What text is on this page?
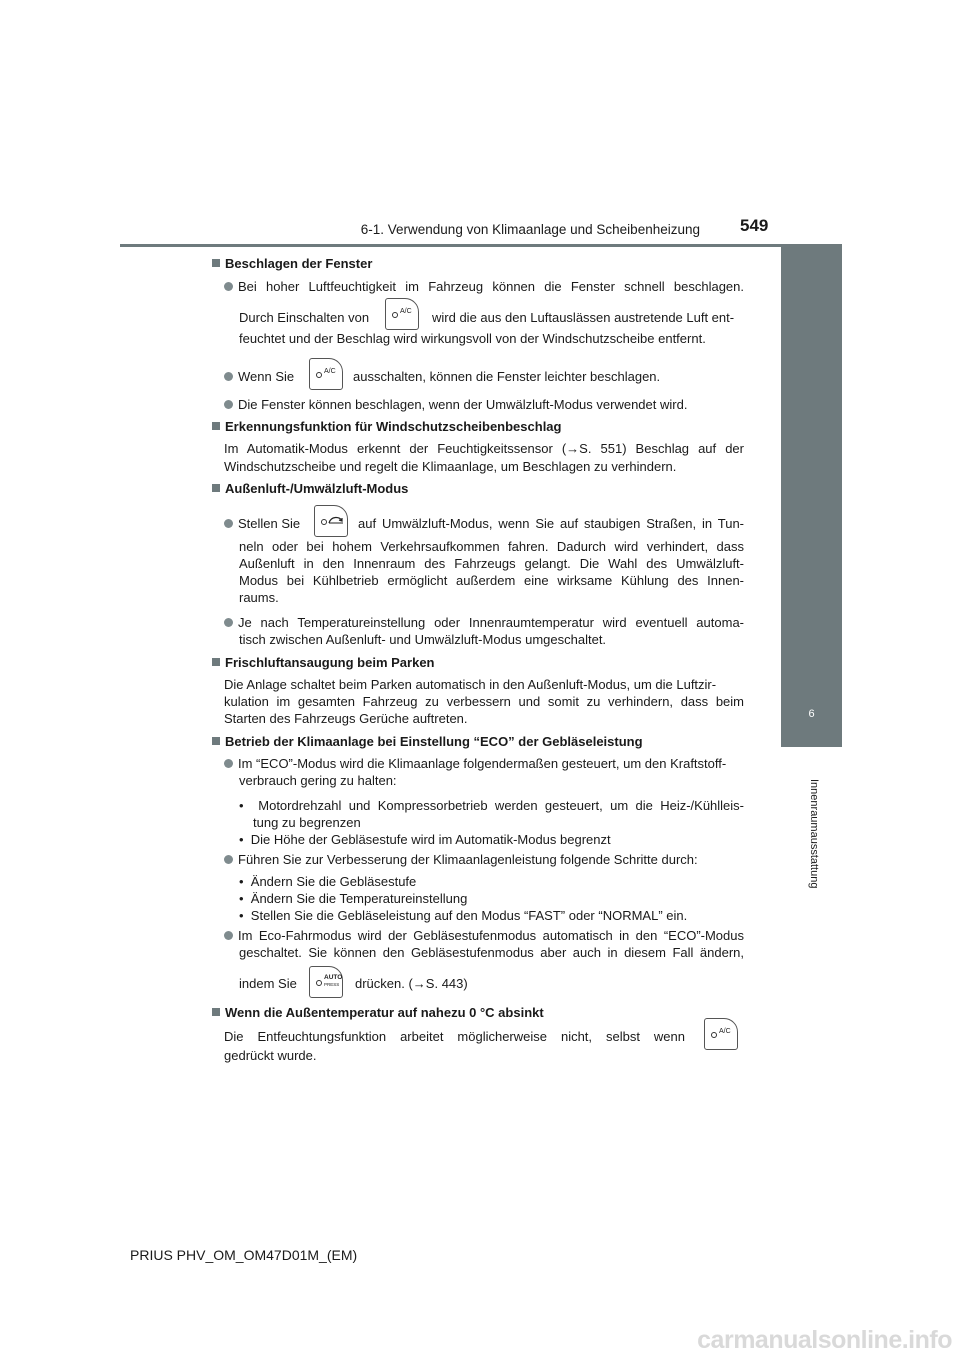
6-1. Verwendung von Klimaanlage und Scheibenheizung 549
6
Innenraumausstattung
Beschlagen der Fenster
Bei hoher Luftfeuchtigkeit im Fahrzeug können die Fenster schnell beschlagen.
Durch Einschalten von	A/C wird die aus den Luftauslässen austretende Luft ent-
feuchtet und der Beschlag wird wirkungsvoll von der Windschutzscheibe entfernt.
Wenn Sie	A/C ausschalten, können die Fenster leichter beschlagen.
Die Fenster können beschlagen, wenn der Umwälzluft-Modus verwendet wird.
Erkennungsfunktion für Windschutzscheibenbeschlag
Im Automatik-Modus erkennt der Feuchtigkeitssensor (→S. 551) Beschlag auf der
Windschutzscheibe und regelt die Klimaanlage, um Beschlagen zu verhindern.
Außenluft-/Umwälzluft-Modus
Stellen Sie	auf Umwälzluft-Modus, wenn Sie auf staubigen Straßen, in Tun-
neln oder bei hohem Verkehrsaufkommen fahren. Dadurch wird verhindert, dass
Außenluft in den Innenraum des Fahrzeugs gelangt. Die Wahl des Umwälzluft-
Modus bei Kühlbetrieb ermöglicht außerdem eine wirksame Kühlung des Innen-
raums.
Je nach Temperatureinstellung oder Innenraumtemperatur wird eventuell automa-
tisch zwischen Außenluft- und Umwälzluft-Modus umgeschaltet.
Frischluftansaugung beim Parken
Die Anlage schaltet beim Parken automatisch in den Außenluft-Modus, um die Luftzir-
kulation im gesamten Fahrzeug zu verbessern und somit zu verhindern, dass beim
Starten des Fahrzeugs Gerüche auftreten.
Betrieb der Klimaanlage bei Einstellung “ECO” der Gebläseleistung
Im “ECO”-Modus wird die Klimaanlage folgendermaßen gesteuert, um den Kraftstoff-
verbrauch gering zu halten:
•  Motordrehzahl und Kompressorbetrieb werden gesteuert, um die Heiz-/Kühlleis-
tung zu begrenzen
•  Die Höhe der Gebläsestufe wird im Automatik-Modus begrenzt
Führen Sie zur Verbesserung der Klimaanlagenleistung folgende Schritte durch:
•  Ändern Sie die Gebläsestufe
•  Ändern Sie die Temperatureinstellung
•  Stellen Sie die Gebläseleistung auf den Modus “FAST” oder “NORMAL” ein.
Im Eco-Fahrmodus wird der Gebläsestufenmodus automatisch in den “ECO”-Modus
geschaltet. Sie können den Gebläsestufenmodus aber auch in diesem Fall ändern,
indem Sie	AUTO
PRESS drücken. (→S. 443)
Wenn die Außentemperatur auf nahezu 0 °C absinkt
Die Entfeuchtungsfunktion arbeitet möglicherweise nicht, selbst wenn	A/C
gedrückt wurde.
PRIUS PHV_OM_OM47D01M_(EM)
carmanualsonline.info
